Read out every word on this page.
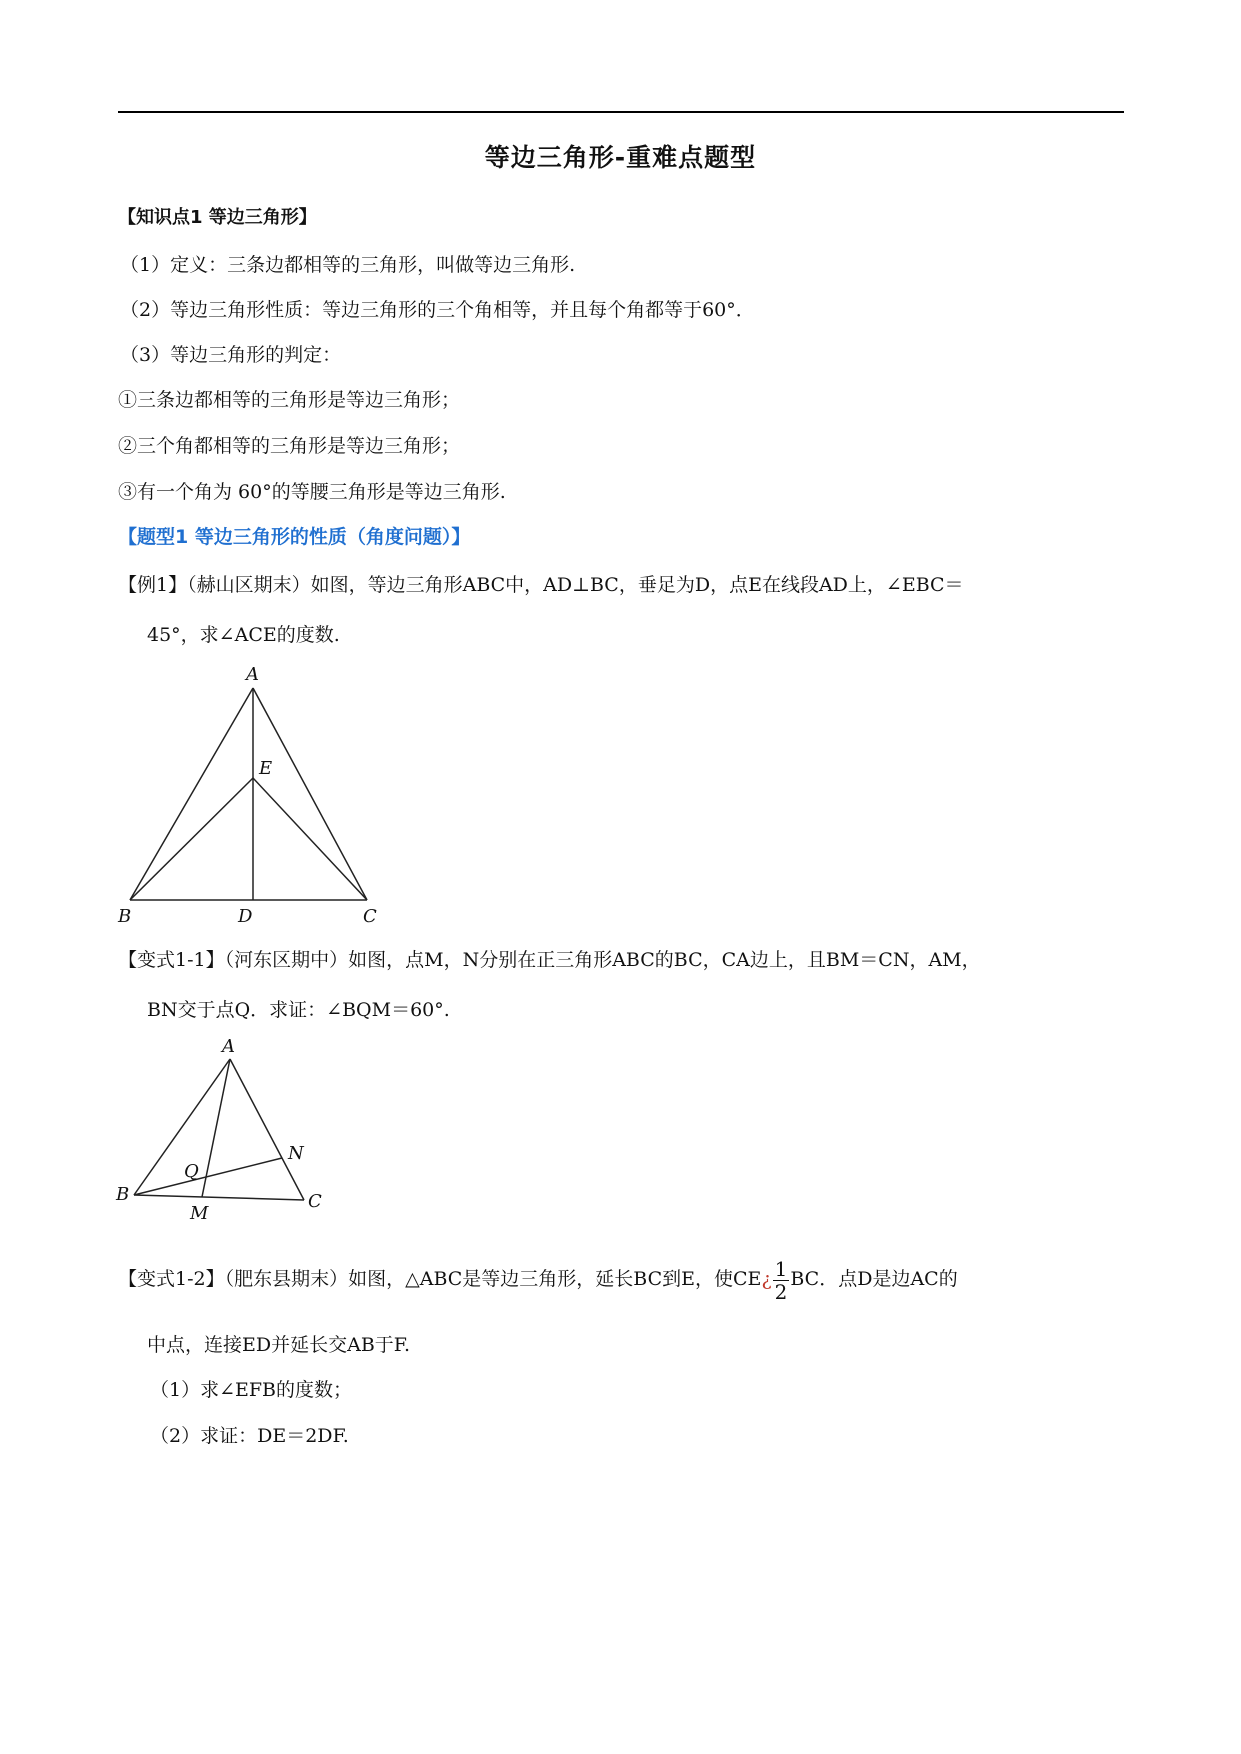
等边三角形-重难点题型
【知识点1 等边三角形】
（1）定义：三条边都相等的三角形，叫做等边三角形.
（2）等边三角形性质：等边三角形的三个角相等，并且每个角都等于60°．
（3）等边三角形的判定：
①三条边都相等的三角形是等边三角形；
②三个角都相等的三角形是等边三角形；
③有一个角为 60°的等腰三角形是等边三角形.
【题型1 等边三角形的性质（角度问题）】
【例1】（赫山区期末）如图，等边三角形ABC中，AD⊥BC，垂足为D，点E在线段AD上，∠EBC＝
45°，求∠ACE的度数.
A
E
B	D	C
【变式1-1】（河东区期中）如图，点M，N分别在正三角形ABC的BC，CA边上，且BM＝CN，AM，
BN交于点Q．求证：∠BQM＝60°.
A
N
Q
B	C
M
【变式1-2】（肥东县期末）如图，△ABC是等边三角形，延长BC到E，使CE¿ $\frac{1}{2}$ BC．点D是边AC的
中点，连接ED并延长交AB于F.
（1）求∠EFB的度数；
（2）求证：DE＝2DF.
